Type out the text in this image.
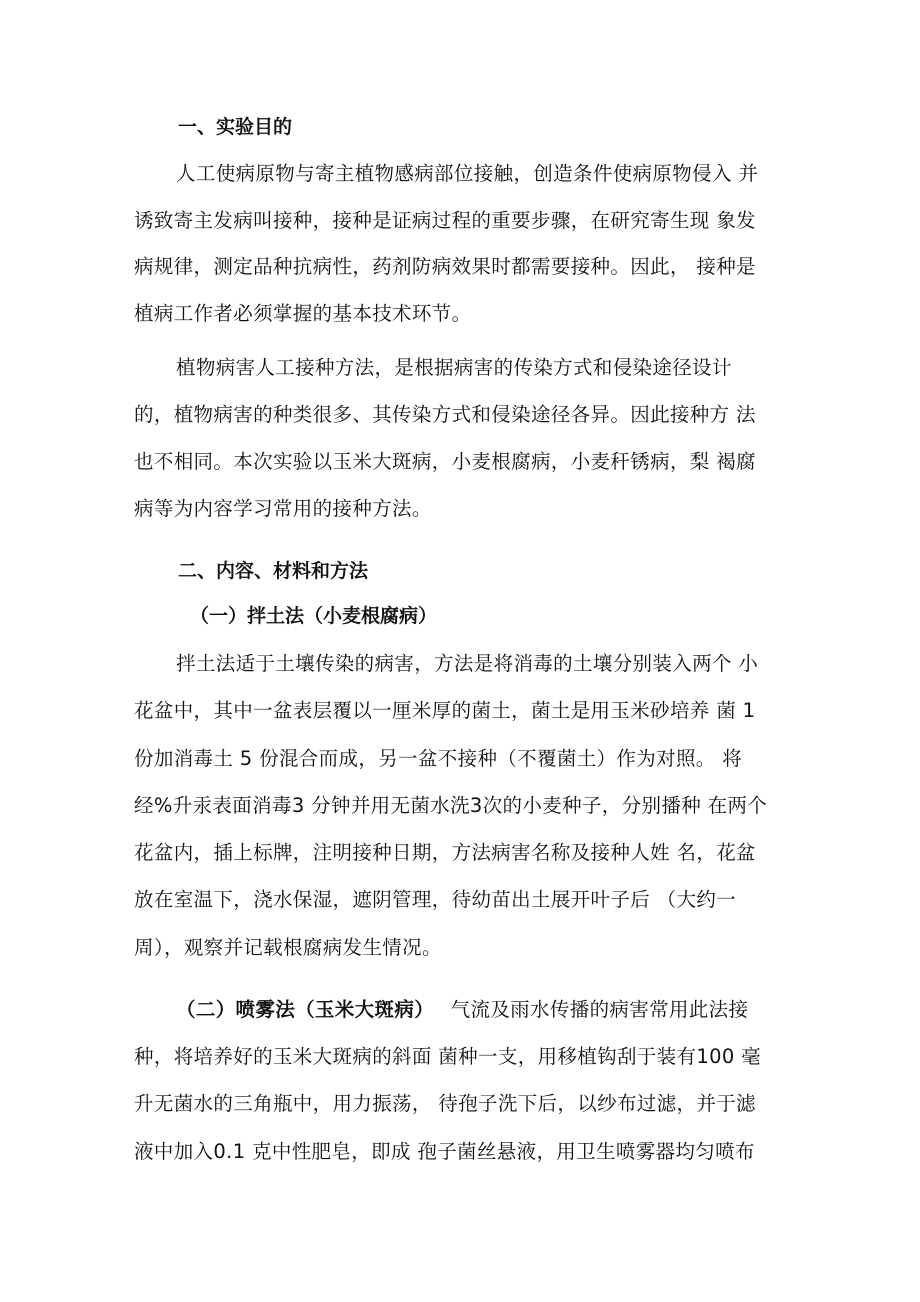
一、实验目的
人工使病原物与寄主植物感病部位接触，创造条件使病原物侵入 并
诱致寄主发病叫接种，接种是证病过程的重要步骤，在研究寄生现 象发
病规律，测定品种抗病性，药剂防病效果时都需要接种。因此， 接种是
植病工作者必须掌握的基本技术环节。
植物病害人工接种方法，是根据病害的传染方式和侵染途径设计
的，植物病害的种类很多、其传染方式和侵染途径各异。因此接种方 法
也不相同。本次实验以玉米大斑病，小麦根腐病，小麦秆锈病，梨 褐腐
病等为内容学习常用的接种方法。
二、内容、材料和方法
（一）拌土法（小麦根腐病）
拌土法适于土壤传染的病害，方法是将消毒的土壤分别装入两个 小
花盆中，其中一盆表层覆以一厘米厚的菌土，菌土是用玉米砂培养 菌 1
份加消毒土 5 份混合而成，另一盆不接种（不覆菌土）作为对照。 将
经%升汞表面消毒3 分钟并用无菌水洗3次的小麦种子，分别播种 在两个
花盆内，插上标牌，注明接种日期，方法病害名称及接种人姓 名，花盆
放在室温下，浇水保湿，遮阴管理，待幼苗出土展开叶子后 （大约一
周），观察并记载根腐病发生情况。
（二）喷雾法（玉米大斑病） 气流及雨水传播的病害常用此法接
种，将培养好的玉米大斑病的斜面 菌种一支，用移植钩刮于装有100 毫
升无菌水的三角瓶中，用力振荡， 待孢子洗下后，以纱布过滤，并于滤
液中加入0.1 克中性肥皂，即成 孢子菌丝悬液，用卫生喷雾器均匀喷布
